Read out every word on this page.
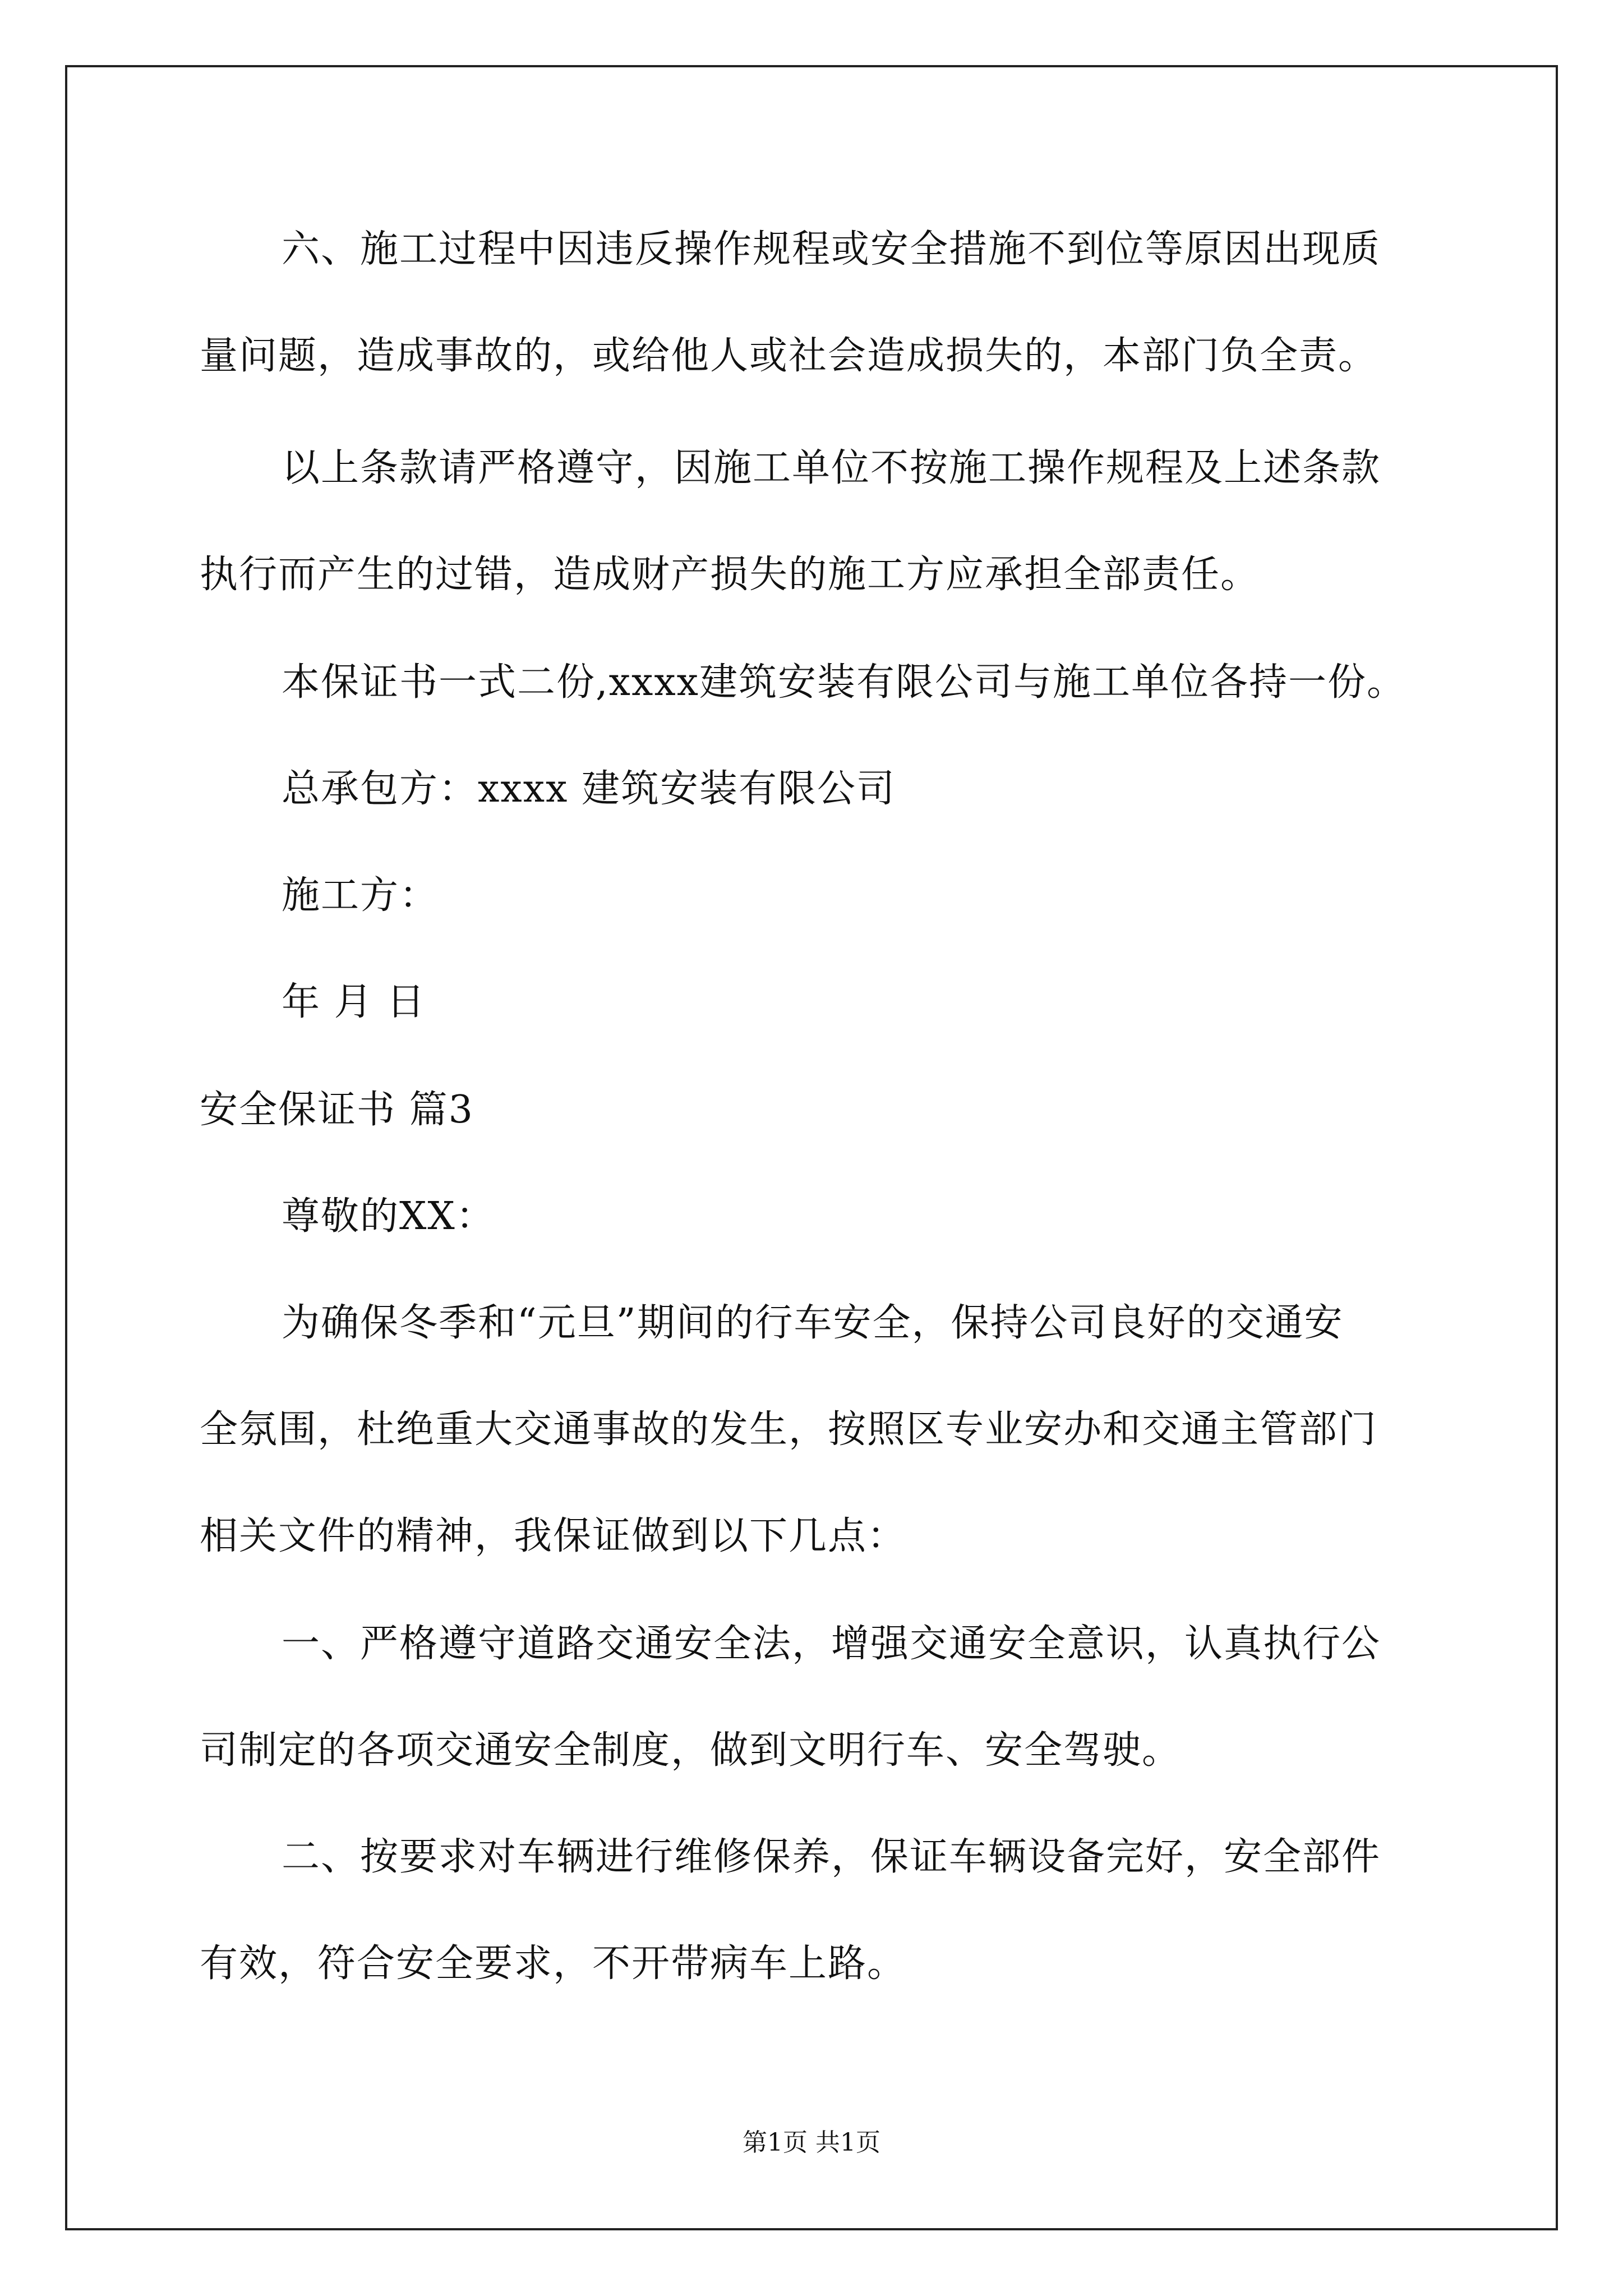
六、施工过程中因违反操作规程或安全措施不到位等原因出现质
量问题，造成事故的，或给他人或社会造成损失的，本部门负全责。
以上条款请严格遵守，因施工单位不按施工操作规程及上述条款
执行而产生的过错，造成财产损失的施工方应承担全部责任。
本保证书一式二份,xxxx建筑安装有限公司与施工单位各持一份。
总承包方：xxxx 建筑安装有限公司
施工方：
年 月 日
安全保证书 篇3
尊敬的XX：
为确保冬季和“元旦”期间的行车安全，保持公司良好的交通安
全氛围，杜绝重大交通事故的发生，按照区专业安办和交通主管部门
相关文件的精神，我保证做到以下几点：
一、严格遵守道路交通安全法，增强交通安全意识，认真执行公
司制定的各项交通安全制度，做到文明行车、安全驾驶。
二、按要求对车辆进行维修保养，保证车辆设备完好，安全部件
有效，符合安全要求，不开带病车上路。
第1页 共1页
